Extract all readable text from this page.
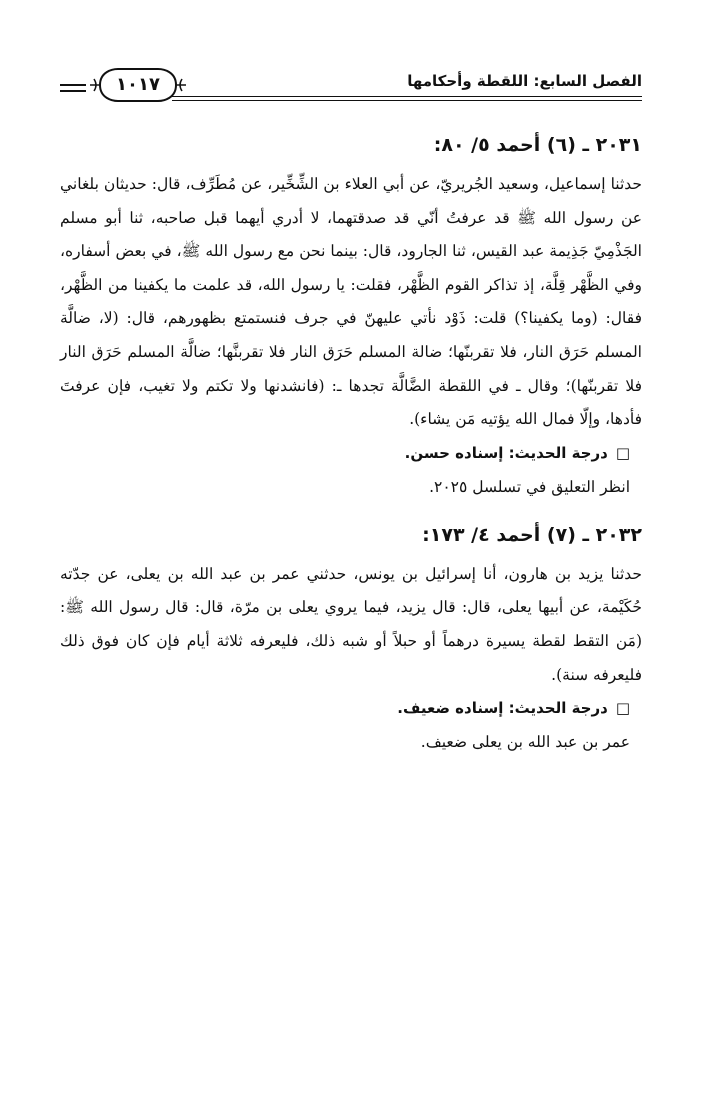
الفصل السابع: اللقطة وأحكامها
١٠١٧
٢٠٣١ ـ (٦) أحمد ٥/ ٨٠:

حدثنا إسماعيل، وسعيد الجُريريّ، عن أبي العلاء بن الشِّخِّير، عن مُطَرِّف، قال: حديثان بلغاني عن رسول الله ﷺ قد عرفتُ أنّي قد صدقتهما، لا أدري أيهما قبل صاحبه، ثنا أبو مسلم الجَذْمِيّ جَذِيمة عبد القيس، ثنا الجارود، قال: بينما نحن مع رسول الله ﷺ، في بعض أسفاره، وفي الظَّهْر قِلَّة، إذ تذاكر القوم الظَّهْر، فقلت: يا رسول الله، قد علمت ما يكفينا من الظَّهْر، فقال: (وما يكفينا؟) قلت: ذَوْد نأتي عليهنّ في جرف فنستمتع بظهورهم، قال: (لا، ضالَّة المسلم حَرَق النار، فلا تقربنّها؛ ضالة المسلم حَرَق النار فلا تقربنَّها؛ ضالَّة المسلم حَرَق النار فلا تقربنّها)؛ وقال ـ في اللقطة الضَّالَّة تجدها ـ: (فانشدنها ولا تكتم ولا تغيب، فإن عرفتَ فأدها، وإلّا فمال الله يؤتيه مَن يشاء).

□درجة الحديث: إسناده حسن.
انظر التعليق في تسلسل ٢٠٢٥.
٢٠٣٢ ـ (٧) أحمد ٤/ ١٧٣:

حدثنا يزيد بن هارون، أنا إسرائيل بن يونس، حدثني عمر بن عبد الله بن يعلى، عن جدّته حُكَيْمة، عن أبيها يعلى، قال: قال يزيد، فيما يروي يعلى بن مرّة، قال: قال رسول الله ﷺ: (مَن التقط لقطة يسيرة درهماً أو حبلاً أو شبه ذلك، فليعرفه ثلاثة أيام فإن كان فوق ذلك فليعرفه سنة).

□درجة الحديث: إسناده ضعيف.
عمر بن عبد الله بن يعلى ضعيف.
